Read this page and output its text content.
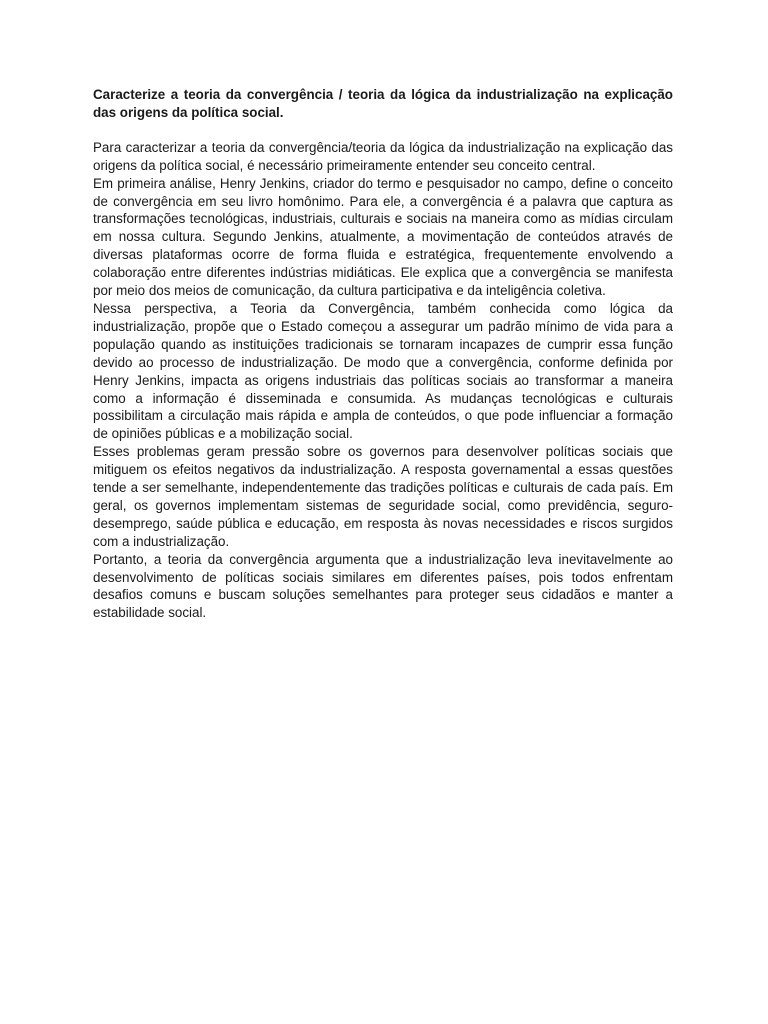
Caracterize a teoria da convergência / teoria da lógica da industrialização na explicação das origens da política social.

Para caracterizar a teoria da convergência/teoria da lógica da industrialização na explicação das origens da política social, é necessário primeiramente entender seu conceito central.

Em primeira análise, Henry Jenkins, criador do termo e pesquisador no campo, define o conceito de convergência em seu livro homônimo. Para ele, a convergência é a palavra que captura as transformações tecnológicas, industriais, culturais e sociais na maneira como as mídias circulam em nossa cultura. Segundo Jenkins, atualmente, a movimentação de conteúdos através de diversas plataformas ocorre de forma fluida e estratégica, frequentemente envolvendo a colaboração entre diferentes indústrias midiáticas. Ele explica que a convergência se manifesta por meio dos meios de comunicação, da cultura participativa e da inteligência coletiva.

Nessa perspectiva, a Teoria da Convergência, também conhecida como lógica da industrialização, propõe que o Estado começou a assegurar um padrão mínimo de vida para a população quando as instituições tradicionais se tornaram incapazes de cumprir essa função devido ao processo de industrialização. De modo que a convergência, conforme definida por Henry Jenkins, impacta as origens industriais das políticas sociais ao transformar a maneira como a informação é disseminada e consumida. As mudanças tecnológicas e culturais possibilitam a circulação mais rápida e ampla de conteúdos, o que pode influenciar a formação de opiniões públicas e a mobilização social.

Esses problemas geram pressão sobre os governos para desenvolver políticas sociais que mitiguem os efeitos negativos da industrialização. A resposta governamental a essas questões tende a ser semelhante, independentemente das tradições políticas e culturais de cada país. Em geral, os governos implementam sistemas de seguridade social, como previdência, seguro-desemprego, saúde pública e educação, em resposta às novas necessidades e riscos surgidos com a industrialização.

Portanto, a teoria da convergência argumenta que a industrialização leva inevitavelmente ao desenvolvimento de políticas sociais similares em diferentes países, pois todos enfrentam desafios comuns e buscam soluções semelhantes para proteger seus cidadãos e manter a estabilidade social.
